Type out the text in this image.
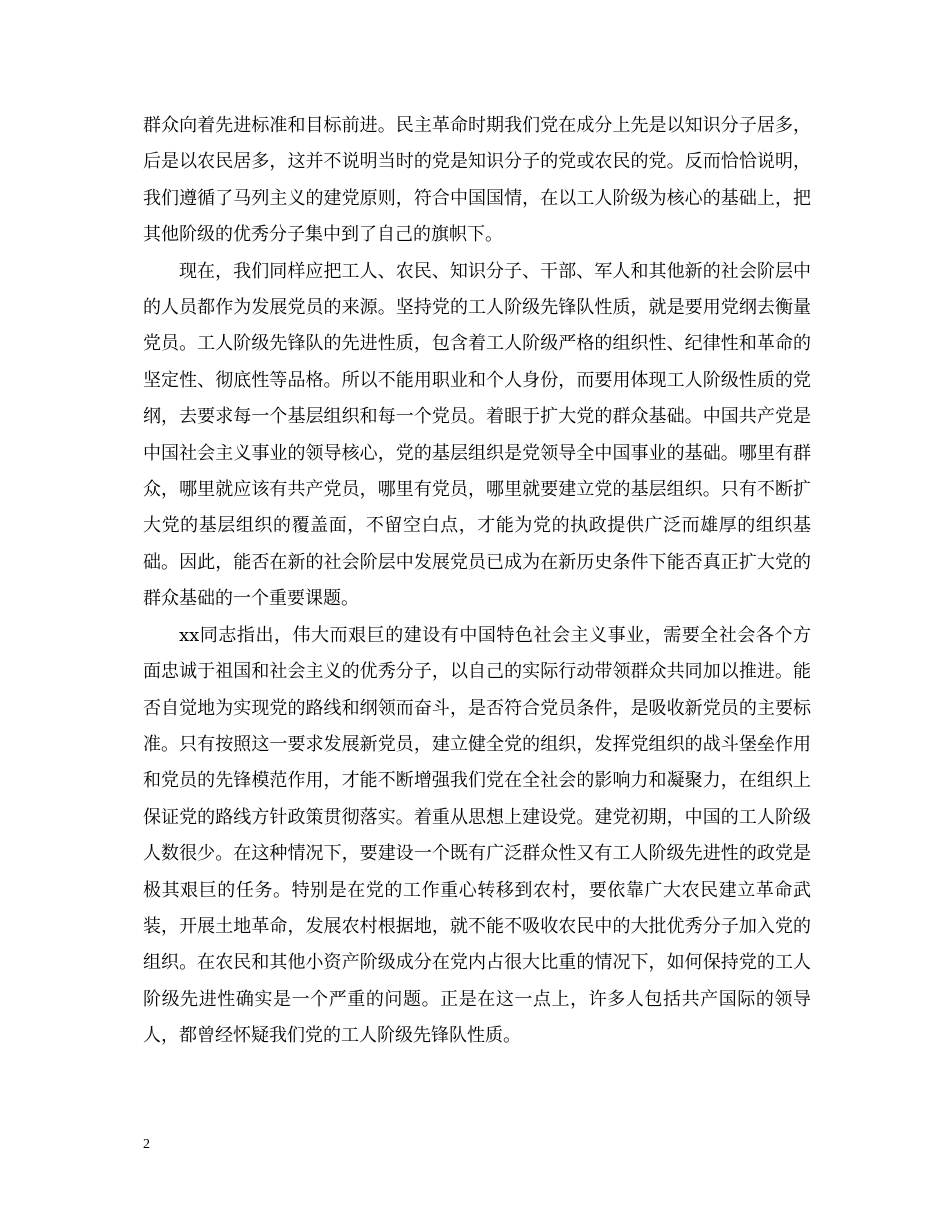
群众向着先进标准和目标前进。民主革命时期我们党在成分上先是以知识分子居多，后是以农民居多，这并不说明当时的党是知识分子的党或农民的党。反而恰恰说明，我们遵循了马列主义的建党原则，符合中国国情，在以工人阶级为核心的基础上，把其他阶级的优秀分子集中到了自己的旗帜下。

现在，我们同样应把工人、农民、知识分子、干部、军人和其他新的社会阶层中的人员都作为发展党员的来源。坚持党的工人阶级先锋队性质，就是要用党纲去衡量党员。工人阶级先锋队的先进性质，包含着工人阶级严格的组织性、纪律性和革命的坚定性、彻底性等品格。所以不能用职业和个人身份，而要用体现工人阶级性质的党纲，去要求每一个基层组织和每一个党员。着眼于扩大党的群众基础。中国共产党是中国社会主义事业的领导核心，党的基层组织是党领导全中国事业的基础。哪里有群众，哪里就应该有共产党员，哪里有党员，哪里就要建立党的基层组织。只有不断扩大党的基层组织的覆盖面，不留空白点，才能为党的执政提供广泛而雄厚的组织基础。因此，能否在新的社会阶层中发展党员已成为在新历史条件下能否真正扩大党的群众基础的一个重要课题。

xx同志指出，伟大而艰巨的建设有中国特色社会主义事业，需要全社会各个方面忠诚于祖国和社会主义的优秀分子，以自己的实际行动带领群众共同加以推进。能否自觉地为实现党的路线和纲领而奋斗，是否符合党员条件，是吸收新党员的主要标准。只有按照这一要求发展新党员，建立健全党的组织，发挥党组织的战斗堡垒作用和党员的先锋模范作用，才能不断增强我们党在全社会的影响力和凝聚力，在组织上保证党的路线方针政策贯彻落实。着重从思想上建设党。建党初期，中国的工人阶级人数很少。在这种情况下，要建设一个既有广泛群众性又有工人阶级先进性的政党是极其艰巨的任务。特别是在党的工作重心转移到农村，要依靠广大农民建立革命武装，开展土地革命，发展农村根据地，就不能不吸收农民中的大批优秀分子加入党的组织。在农民和其他小资产阶级成分在党内占很大比重的情况下，如何保持党的工人阶级先进性确实是一个严重的问题。正是在这一点上，许多人包括共产国际的领导人，都曾经怀疑我们党的工人阶级先锋队性质。

2
